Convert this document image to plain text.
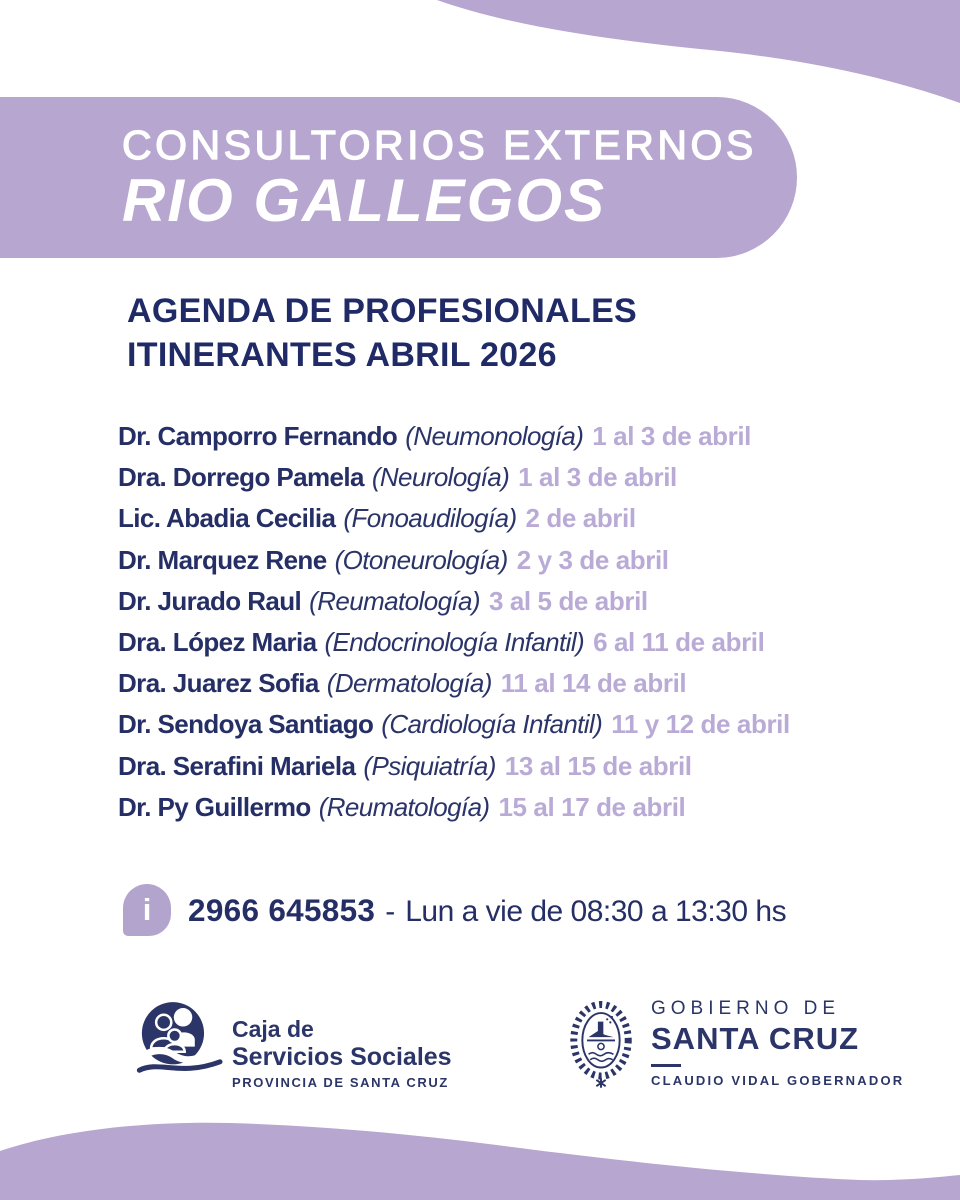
CONSULTORIOS EXTERNOS
RIO GALLEGOS
AGENDA DE PROFESIONALES
ITINERANTES ABRIL 2026
Dr. Camporro Fernando (Neumonología) 1 al 3 de abril
Dra. Dorrego Pamela (Neurología) 1 al 3 de abril
Lic. Abadia Cecilia (Fonoaudilogía) 2 de abril
Dr. Marquez Rene (Otoneurología) 2 y 3 de abril
Dr. Jurado Raul (Reumatología) 3 al 5 de abril
Dra. López Maria (Endocrinología Infantil) 6 al 11 de abril
Dra. Juarez Sofia (Dermatología) 11 al 14 de abril
Dr. Sendoya Santiago (Cardiología Infantil) 11 y 12 de abril
Dra. Serafini Mariela (Psiquiatría) 13 al 15 de abril
Dr. Py Guillermo (Reumatología) 15 al 17 de abril
i 2966 645853 - Lun a vie de 08:30 a 13:30 hs
Caja de
Servicios Sociales
PROVINCIA DE SANTA CRUZ
GOBIERNO DE
SANTA CRUZ
CLAUDIO VIDAL GOBERNADOR
